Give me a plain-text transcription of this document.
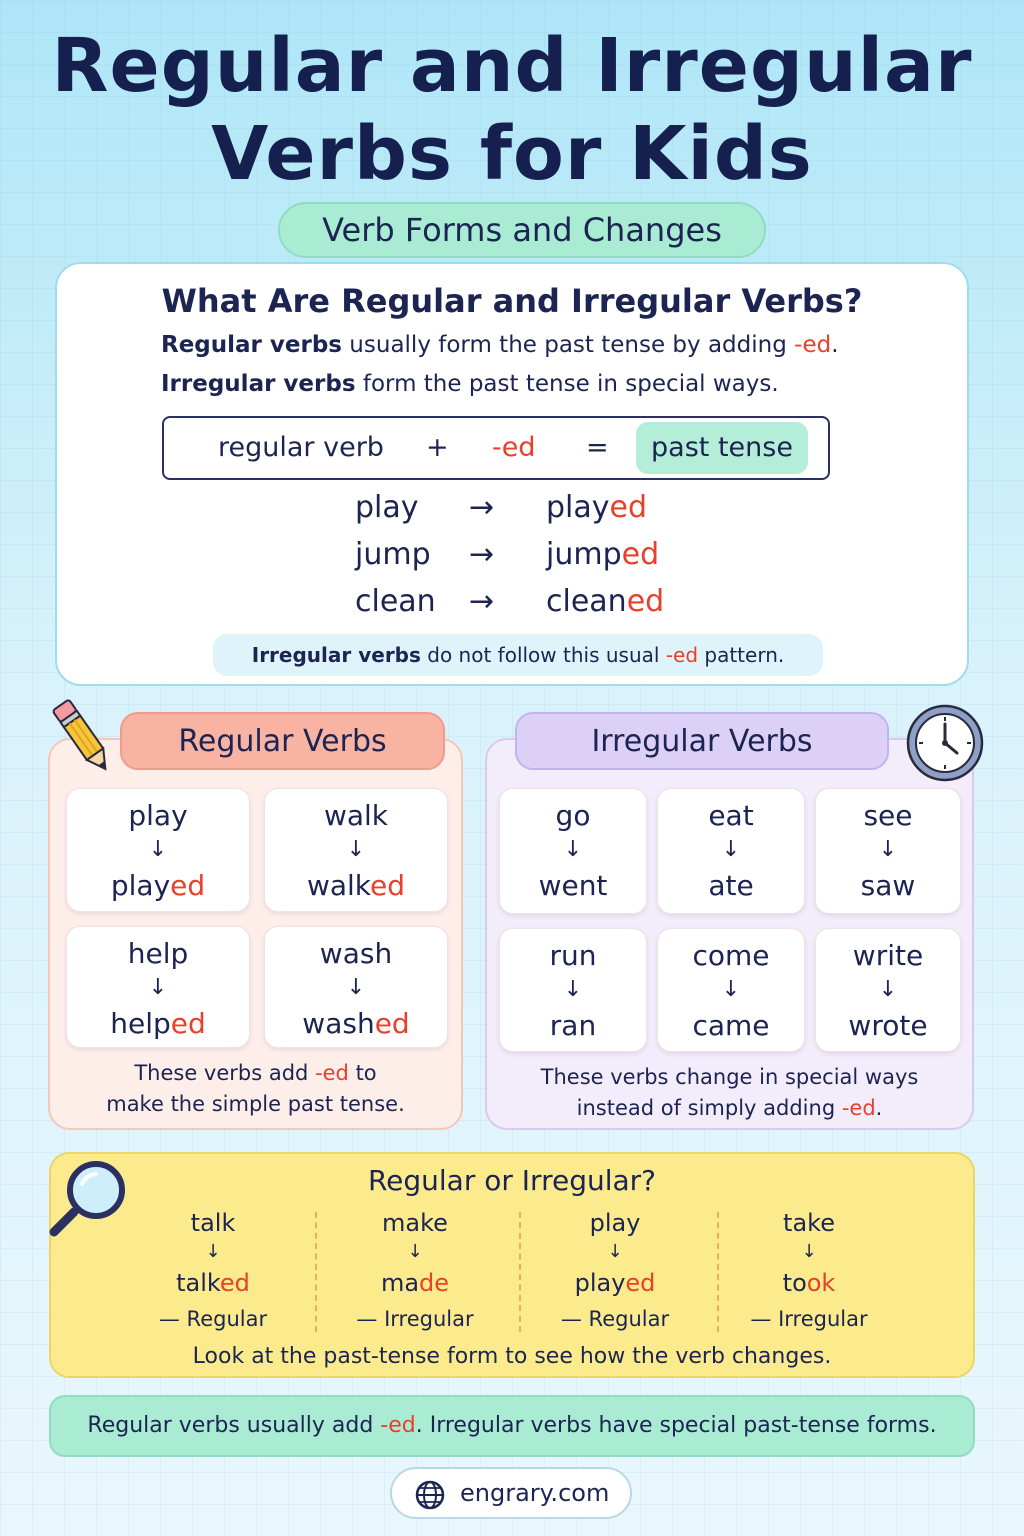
Regular and Irregular
Verbs for Kids
Verb Forms and Changes
What Are Regular and Irregular Verbs?
Regular verbs usually form the past tense by adding -ed.
Irregular verbs form the past tense in special ways.
regular verb + -ed =	past tense
play → played
jump → jumped
clean → cleaned
Irregular verbs do not follow this usual -ed pattern.
play
↓
played
walk
↓
walked
help
↓
helped
wash
↓
washed
These verbs add -ed to
make the simple past tense.
Regular Verbs
go
↓
went
eat
↓
ate
see
↓
saw
run
↓
ran
come
↓
came
write
↓
wrote
These verbs change in special ways
instead of simply adding -ed.
Irregular Verbs
Regular or Irregular?
talk
↓
talked
— Regular
make
↓
made
— Irregular
play
↓
played
— Regular
take
↓
took
— Irregular
Look at the past-tense form to see how the verb changes.
Regular verbs usually add -ed. Irregular verbs have special past-tense forms.
engrary.com
